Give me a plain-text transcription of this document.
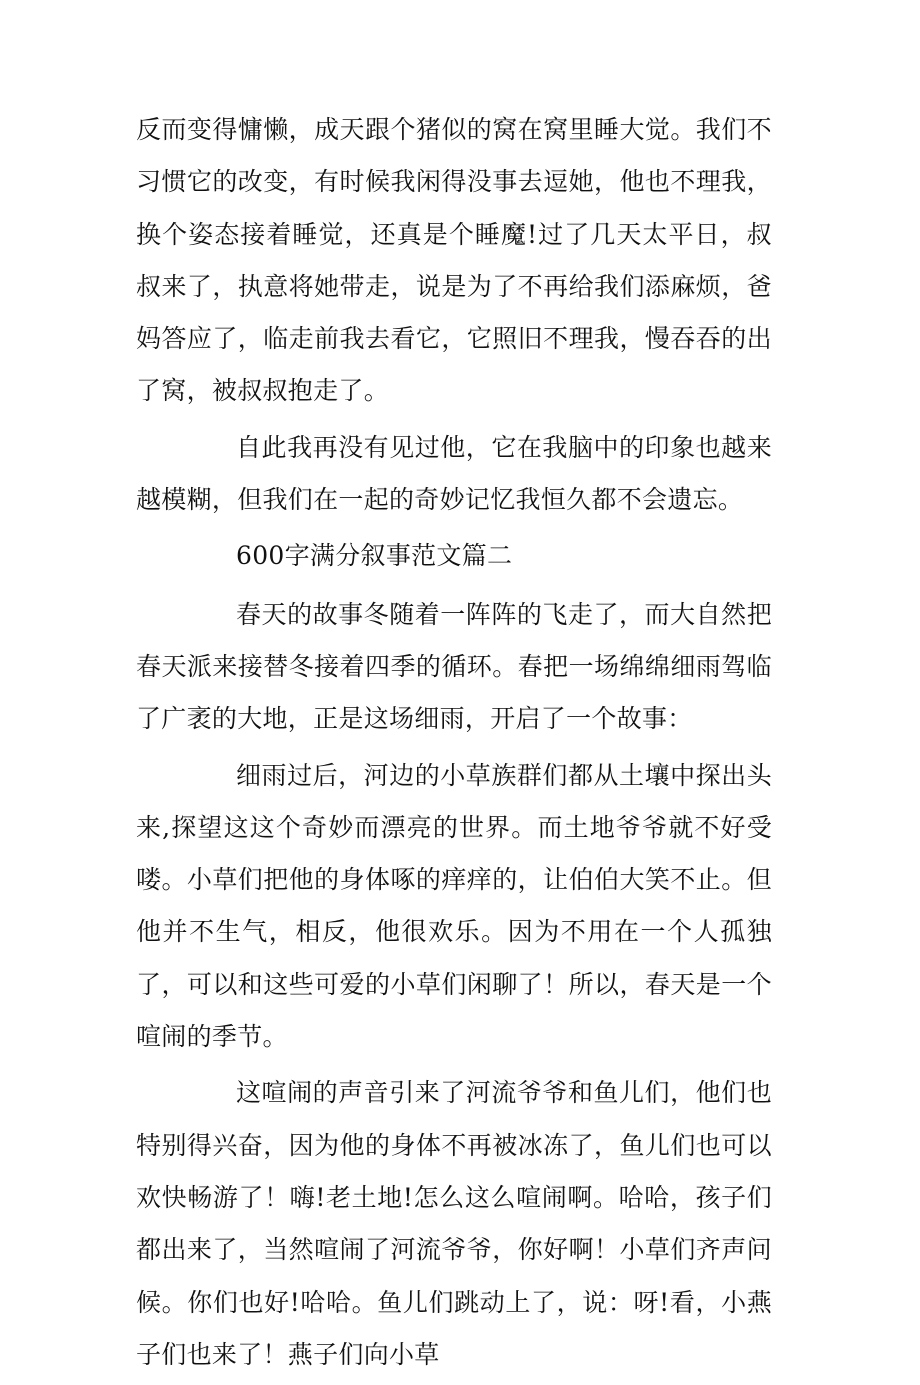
反而变得慵懒，成天跟个猪似的窝在窝里睡大觉。我们不习惯它的改变，有时候我闲得没事去逗她，他也不理我，换个姿态接着睡觉，还真是个睡魔!过了几天太平日，叔叔来了，执意将她带走，说是为了不再给我们添麻烦，爸妈答应了，临走前我去看它，它照旧不理我，慢吞吞的出了窝，被叔叔抱走了。

自此我再没有见过他，它在我脑中的印象也越来越模糊，但我们在一起的奇妙记忆我恒久都不会遗忘。

600字满分叙事范文篇二

春天的故事冬随着一阵阵的飞走了，而大自然把春天派来接替冬接着四季的循环。春把一场绵绵细雨驾临了广袤的大地，正是这场细雨，开启了一个故事：

细雨过后，河边的小草族群们都从土壤中探出头来,探望这这个奇妙而漂亮的世界。而土地爷爷就不好受喽。小草们把他的身体啄的痒痒的，让伯伯大笑不止。但他并不生气，相反，他很欢乐。因为不用在一个人孤独了，可以和这些可爱的小草们闲聊了！所以，春天是一个喧闹的季节。

这喧闹的声音引来了河流爷爷和鱼儿们，他们也特别得兴奋，因为他的身体不再被冰冻了，鱼儿们也可以欢快畅游了！嗨!老土地!怎么这么喧闹啊。哈哈，孩子们都出来了，当然喧闹了河流爷爷，你好啊！小草们齐声问候。你们也好!哈哈。鱼儿们跳动上了，说：呀!看，小燕子们也来了！燕子们向小草
